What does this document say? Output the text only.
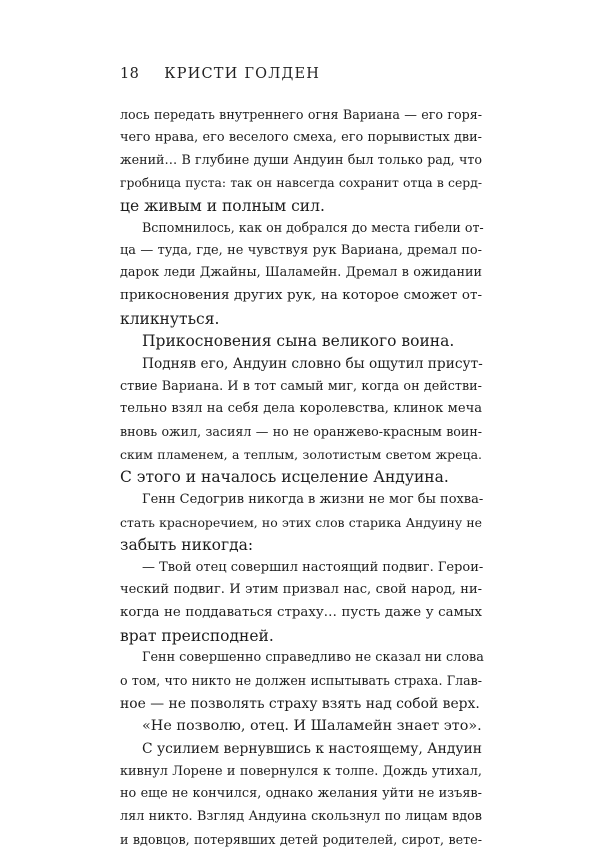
18 КРИСТИ ГОЛДЕН
лось передать внутреннего огня Вариана — его горя-
чего нрава, его веселого смеха, его порывистых дви-
жений… В глубине души Андуин был только рад, что
гробница пуста: так он навсегда сохранит отца в серд-
це живым и полным сил.
Вспомнилось, как он добрался до места гибели от-
ца — туда, где, не чувствуя рук Вариана, дремал по-
дарок леди Джайны, Шаламейн. Дремал в ожидании
прикосновения других рук, на которое сможет от-
кликнуться.
Прикосновения сына великого воина.
Подняв его, Андуин словно бы ощутил присут-
ствие Вариана. И в тот самый миг, когда он действи-
тельно взял на себя дела королевства, клинок меча
вновь ожил, засиял — но не оранжево-красным воин-
ским пламенем, а теплым, золотистым светом жреца.
С этого и началось исцеление Андуина.
Генн Седогрив никогда в жизни не мог бы похва-
стать красноречием, но этих слов старика Андуину не
забыть никогда:
— Твой отец совершил настоящий подвиг. Герои-
ческий подвиг. И этим призвал нас, свой народ, ни-
когда не поддаваться страху… пусть даже у самых
врат преисподней.
Генн совершенно справедливо не сказал ни слова
о том, что никто не должен испытывать страха. Глав-
ное — не позволять страху взять над собой верх.
«Не позволю, отец. И Шаламейн знает это».
С усилием вернувшись к настоящему, Андуин
кивнул Лорене и повернулся к толпе. Дождь утихал,
но еще не кончился, однако желания уйти не изъяв-
лял никто. Взгляд Андуина скользнул по лицам вдов
и вдовцов, потерявших детей родителей, сирот, вете-
